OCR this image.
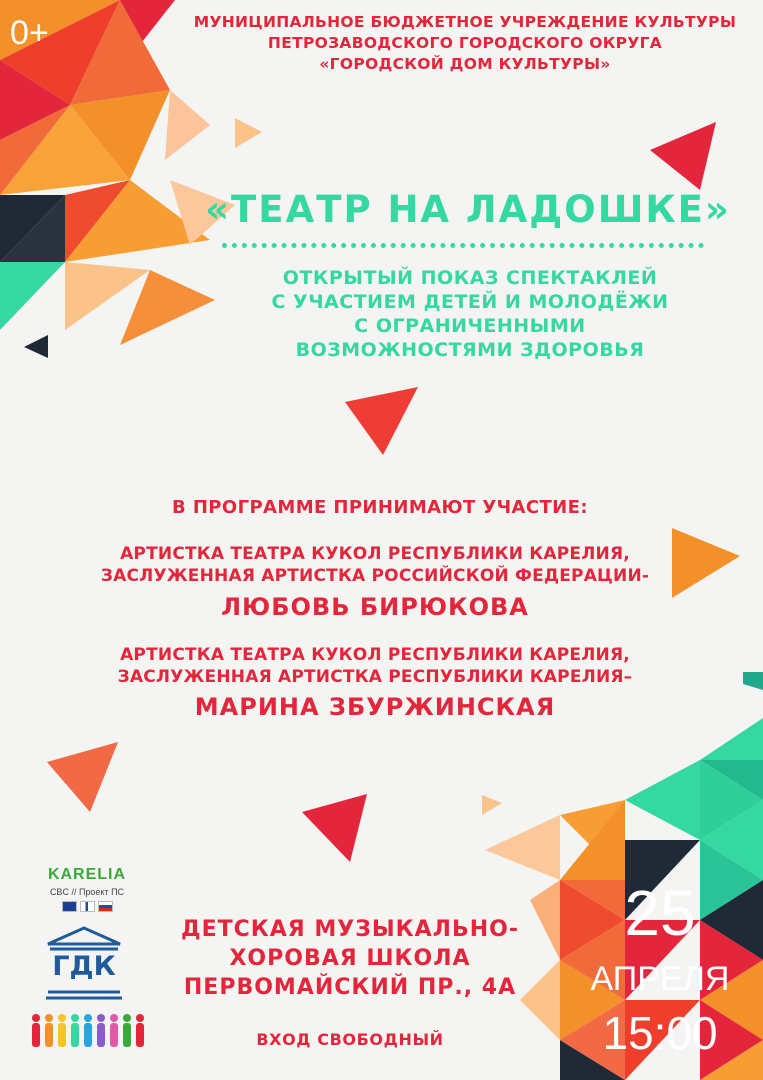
0+	МУНИЦИПАЛЬНОЕ БЮДЖЕТНОЕ УЧРЕЖДЕНИЕ КУЛЬТУРЫ
ПЕТРОЗАВОДСКОГО ГОРОДСКОГО ОКРУГА
«ГОРОДСКОЙ ДОМ КУЛЬТУРЫ»
«ТЕАТР НА ЛАДОШКЕ»
ОТКРЫТЫЙ ПОКАЗ СПЕКТАКЛЕЙ
С УЧАСТИЕМ ДЕТЕЙ И МОЛОДЁЖИ
С ОГРАНИЧЕННЫМИ
ВОЗМОЖНОСТЯМИ ЗДОРОВЬЯ
В ПРОГРАММЕ ПРИНИМАЮТ УЧАСТИЕ:
АРТИСТКА ТЕАТРА КУКОЛ РЕСПУБЛИКИ КАРЕЛИЯ,
ЗАСЛУЖЕННАЯ АРТИСТКА РОССИЙСКОЙ ФЕДЕРАЦИИ-
ЛЮБОВЬ БИРЮКОВА
АРТИСТКА ТЕАТРА КУКОЛ РЕСПУБЛИКИ КАРЕЛИЯ,
ЗАСЛУЖЕННАЯ АРТИСТКА РЕСПУБЛИКИ КАРЕЛИЯ–
МАРИНА ЗБУРЖИНСКАЯ
ДЕТСКАЯ МУЗЫКАЛЬНО-
ХОРОВАЯ ШКОЛА
ПЕРВОМАЙСКИЙ ПР., 4А
ВХОД СВОБОДНЫЙ
25
АПРЕЛЯ
15:00
KARELIA
CBC // Проект ПС
ГДК
